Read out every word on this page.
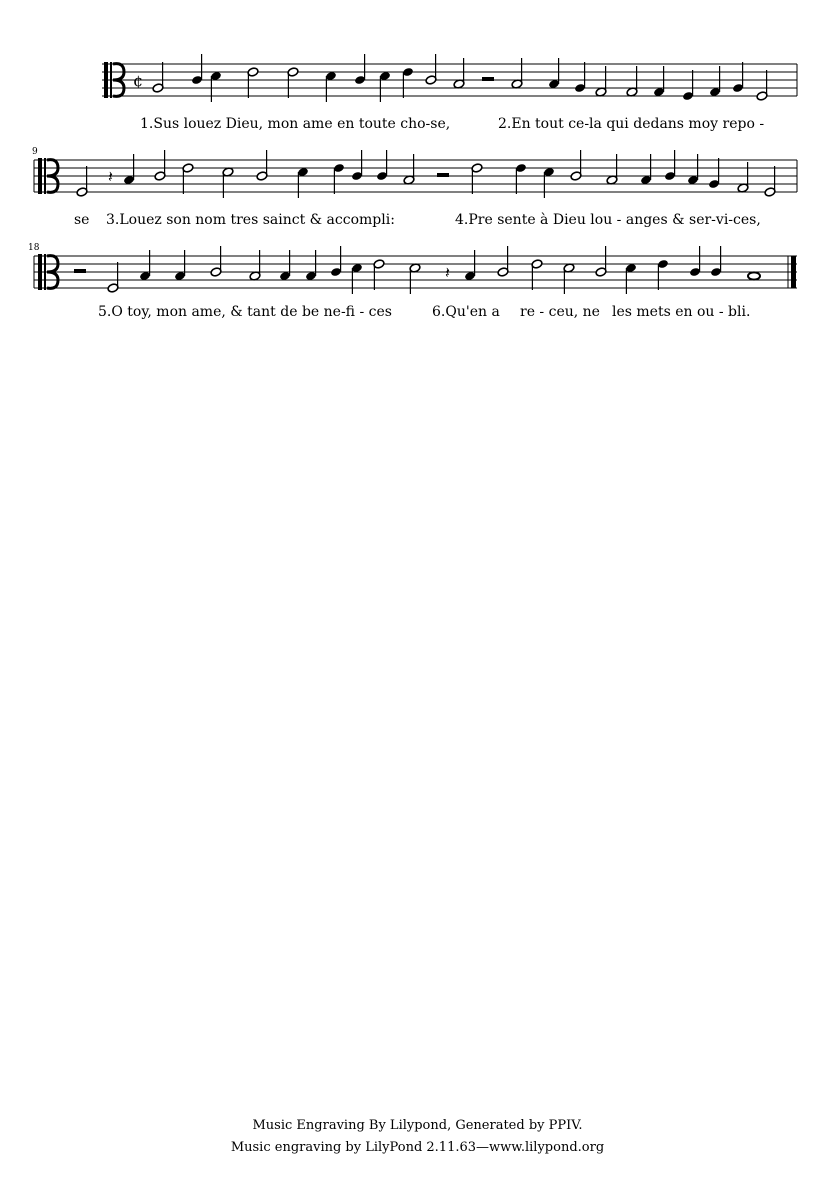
¢
1.Sus louez Dieu, mon ame en toute cho-se,	2.En tout ce-la qui dedans moy repo -
9
𝄽
se 3.Louez son nom tres sainct & accompli:	4.Pre sente à Dieu lou - anges & ser-vi-ces,
18
𝄽
5.O toy, mon ame, & tant de be ne-fi - ces	6.Qu'en a re - ceu, ne les mets en ou - bli.
Music Engraving By Lilypond, Generated by PPIV.
Music engraving by LilyPond 2.11.63—www.lilypond.org
